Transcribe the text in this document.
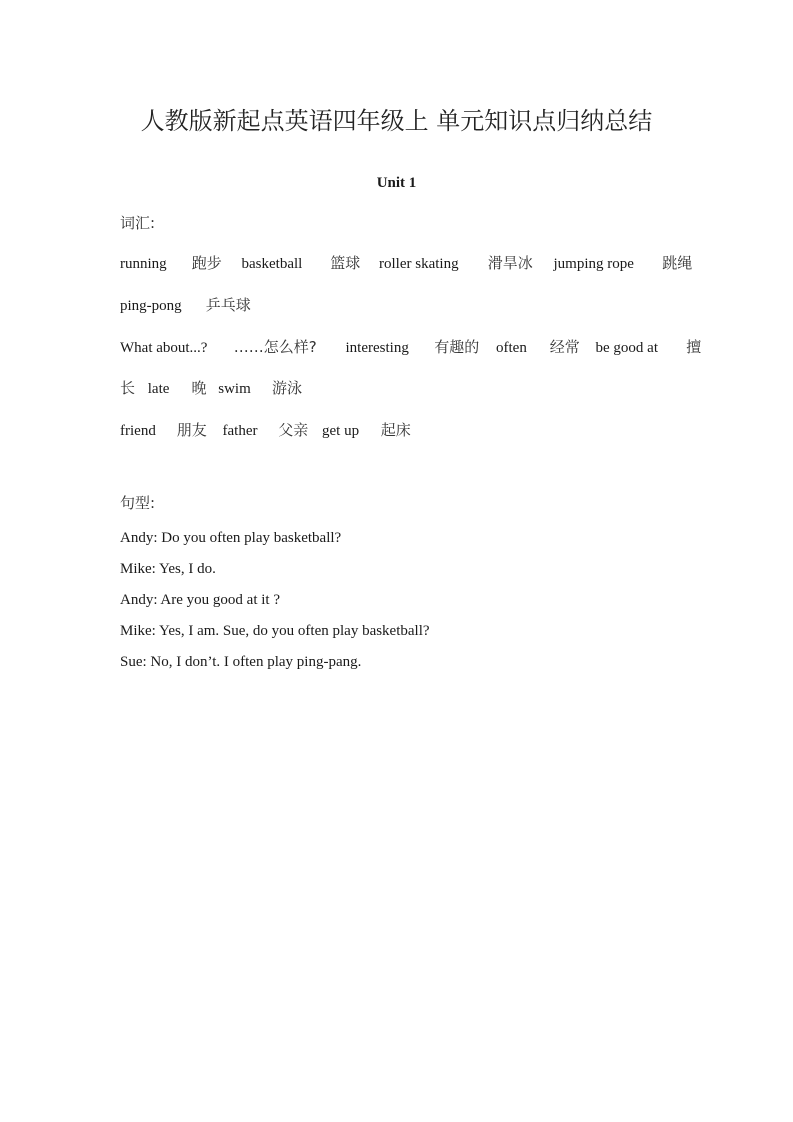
人教版新起点英语四年级上 单元知识点归纳总结
Unit 1
词汇:
running 跑步 basketball 篮球 roller skating 滑旱冰 jumping rope 跳绳
ping-pong 乒乓球
What about...? ……怎么样? interesting 有趣的 often 经常 be good at 擅
长 late 晚 swim 游泳
friend 朋友 father 父亲 get up 起床
句型:
Andy: Do you often play basketball?
Mike: Yes, I do.
Andy: Are you good at it ?
Mike: Yes, I am. Sue, do you often play basketball?
Sue: No, I don’t. I often play ping-pang.
